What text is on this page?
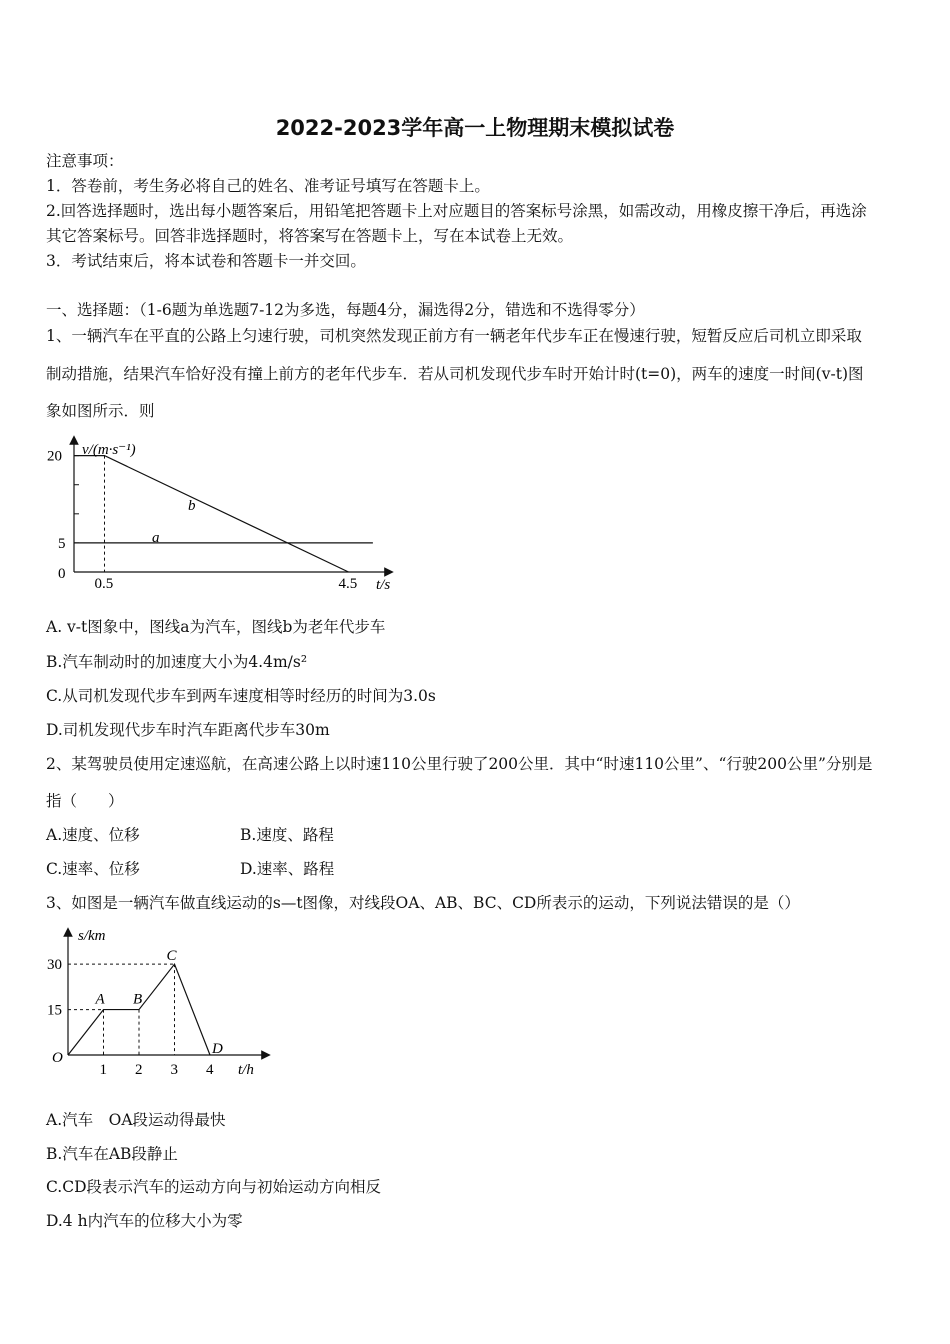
2022-2023学年高一上物理期末模拟试卷
注意事项：
1．答卷前，考生务必将自己的姓名、准考证号填写在答题卡上。
2.回答选择题时，选出每小题答案后，用铅笔把答题卡上对应题目的答案标号涂黑，如需改动，用橡皮擦干净后，再选涂
其它答案标号。回答非选择题时，将答案写在答题卡上，写在本试卷上无效。
3．考试结束后，将本试卷和答题卡一并交回。
一、选择题：（1-6题为单选题7-12为多选，每题4分，漏选得2分，错选和不选得零分）
1、一辆汽车在平直的公路上匀速行驶，司机突然发现正前方有一辆老年代步车正在慢速行驶，短暂反应后司机立即采取
制动措施，结果汽车恰好没有撞上前方的老年代步车．若从司机发现代步车时开始计时(t=0)，两车的速度一时间(v-t)图
象如图所示．则
v/(m·s⁻¹)
20
5
0
0.5	4.5 t/s
a
b
A. v-t图象中，图线a为汽车，图线b为老年代步车
B.汽车制动时的加速度大小为4.4m/s²
C.从司机发现代步车到两车速度相等时经历的时间为3.0s
D.司机发现代步车时汽车距离代步车30m
2、某驾驶员使用定速巡航，在高速公路上以时速110公里行驶了200公里．其中“时速110公里”、“行驶200公里”分别是
指（　　）
A.速度、位移	B.速度、路程
C.速率、位移	D.速率、路程
3、如图是一辆汽车做直线运动的s—t图像，对线段OA、AB、BC、CD所表示的运动，下列说法错误的是（）
s/km
30
15
O
1 2 3 4 t/h
A B
C
D
A.汽车　OA段运动得最快
B.汽车在AB段静止
C.CD段表示汽车的运动方向与初始运动方向相反
D.4 h内汽车的位移大小为零
